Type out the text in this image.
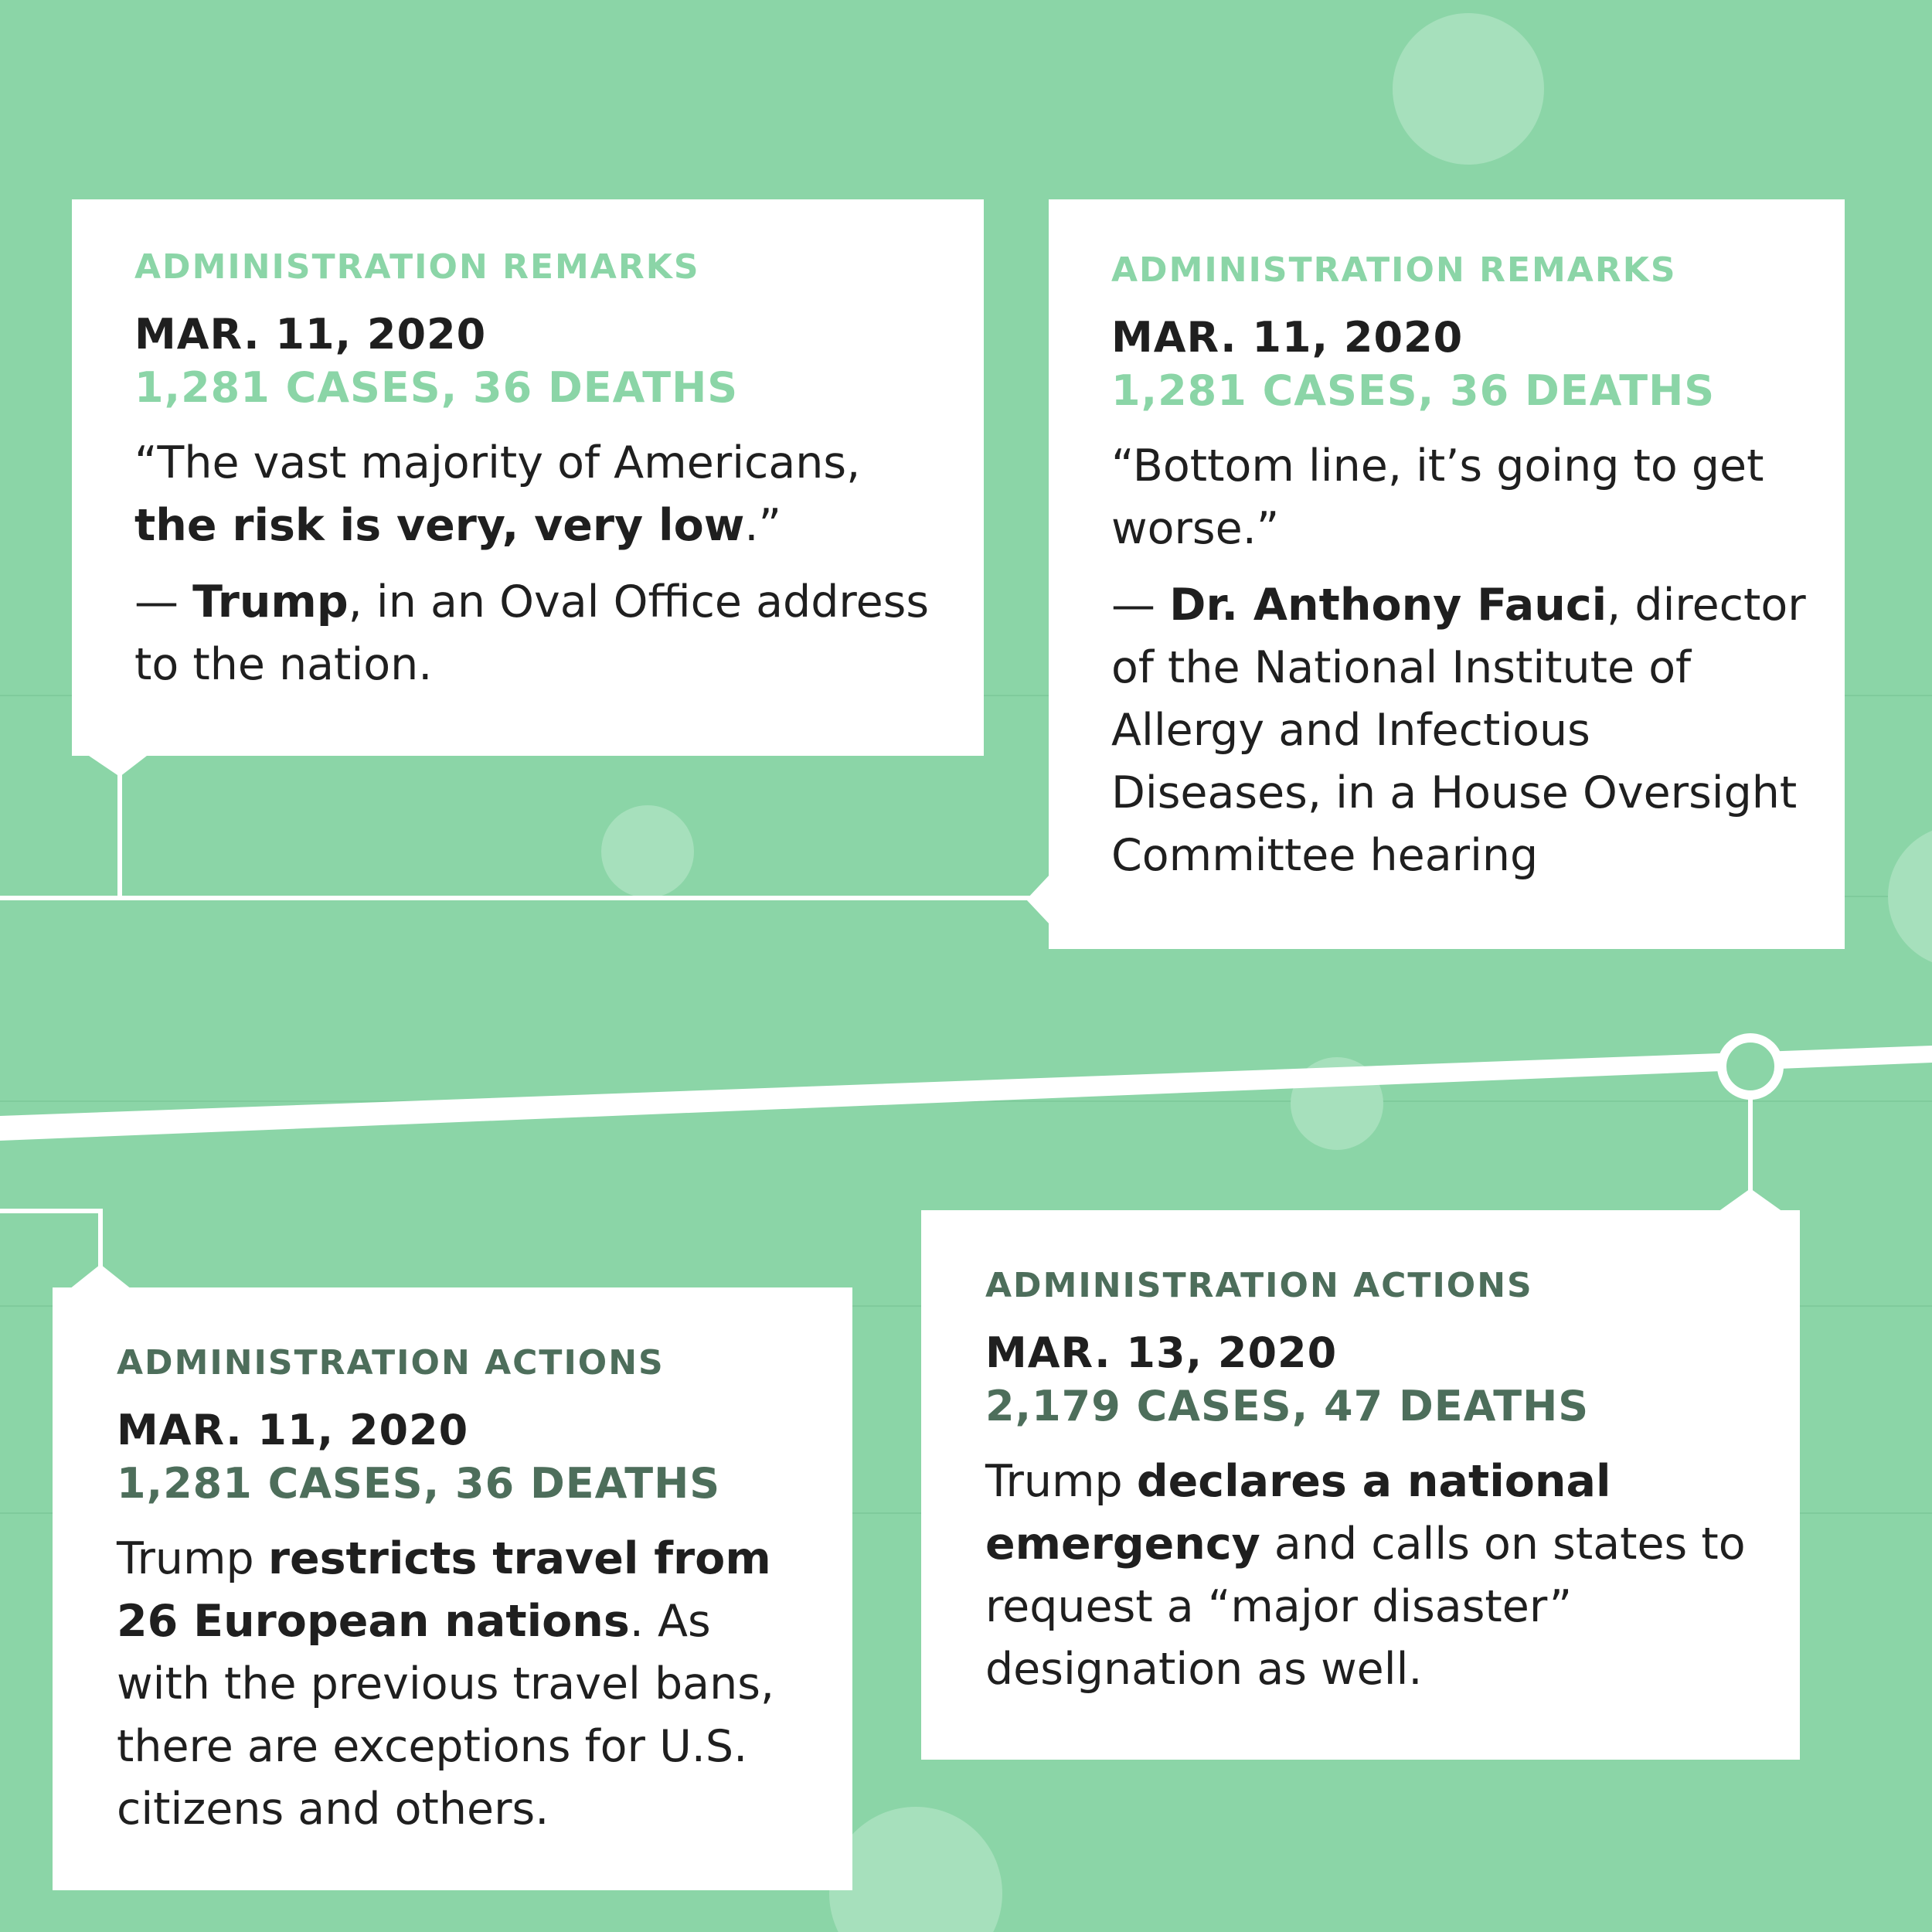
ADMINISTRATION REMARKS

MAR. 11, 2020

1,281 CASES, 36 DEATHS

“The vast majority of Americans, the risk is very, very low.”

— Trump, in an Oval Office address to the nation.

ADMINISTRATION REMARKS

MAR. 11, 2020

1,281 CASES, 36 DEATHS

“Bottom line, it’s going to get worse.”

— Dr. Anthony Fauci, director of the National Institute of Allergy and Infectious Diseases, in a House Oversight Committee hearing

ADMINISTRATION ACTIONS

MAR. 11, 2020

1,281 CASES, 36 DEATHS

Trump restricts travel from 26 European nations. As with the previous travel bans, there are exceptions for U.S. citizens and others.

ADMINISTRATION ACTIONS

MAR. 13, 2020

2,179 CASES, 47 DEATHS

Trump declares a national emergency and calls on states to request a “major disaster” designation as well.
